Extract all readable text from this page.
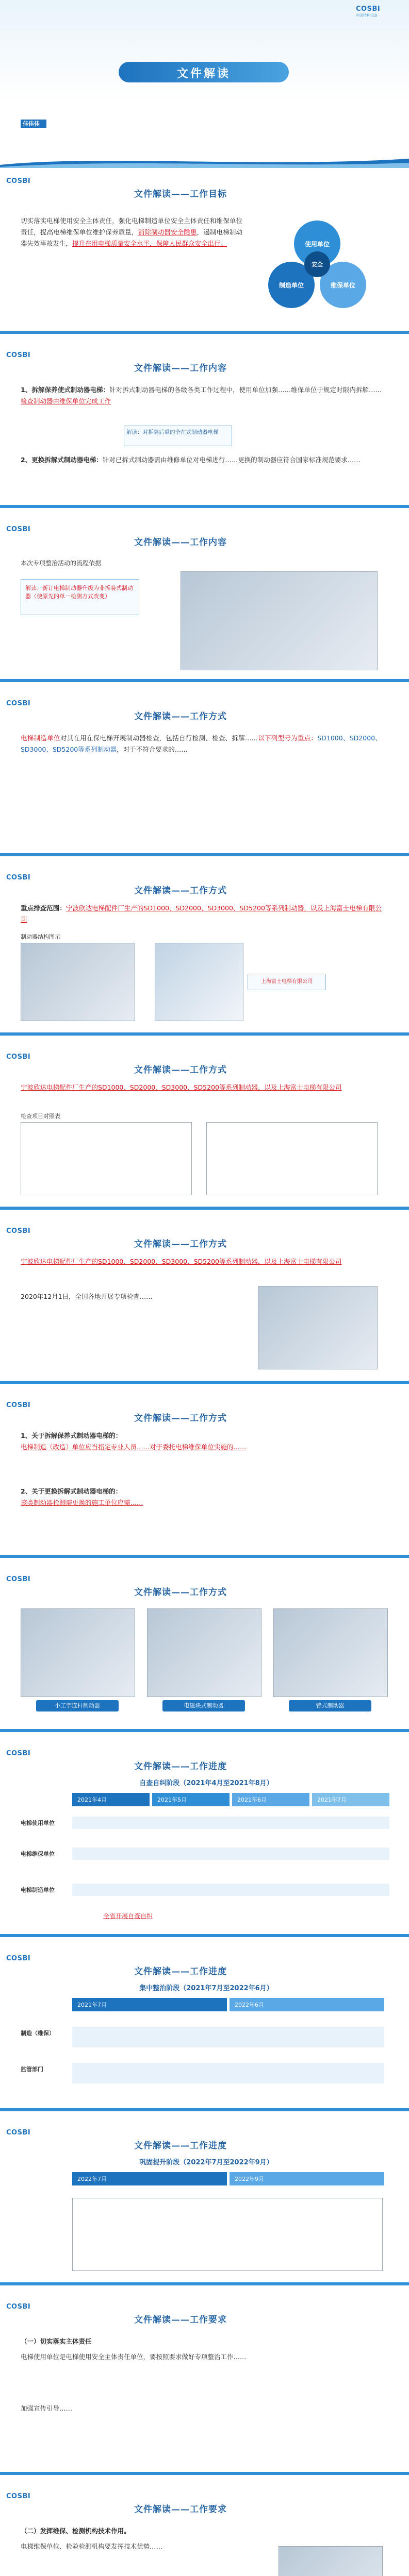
COSBI
中国特种设备
文件解读
佳佳佳
COSBI
文件解读——工作目标
切实落实电梯使用安全主体责任，强化电梯制造单位安全主体责任和维保单位责任，提高电梯维保单位维护保养质量，消除制动器安全隐患，遏制电梯制动器失效事故发生，提升在用电梯质量安全水平，保障人民群众安全出行。	使用单位
制造单位	维保单位
安全
COSBI
文件解读——工作内容
1、拆解保养使式制动器电梯：针对拆式制动器电梯的各级各类工作过程中，使用单位加强……维保单位于规定时限内拆解……检查制动器由维保单位完成工作
解读：对拆装后重的全在式制动器电梯
2、更换拆解式制动器电梯：针对已拆式制动器需由维修单位对电梯进行……更换的制动器应符合国家标准规范要求……
COSBI
文件解读——工作内容
本次专项整治活动的流程依据
解读：新订电梯制动器升级为非拆装式制动器（使原先的单一检测方式改变）
COSBI
文件解读——工作方式
电梯制造单位对其在用在保电梯开展制动器检查，包括自行检测、检查、拆解……以下列型号为重点：SD1000、SD2000、SD3000、SD5200等系列制动器，对于不符合要求的……
COSBI
文件解读——工作方式
重点排查范围：宁波欣达电梯配件厂生产的SD1000、SD2000、SD3000、SD5200等系列制动器，以及上海富士电梯有限公司
制动器结构图示
上海富士电梯有限公司
COSBI
文件解读——工作方式
宁波欣达电梯配件厂生产的SD1000、SD2000、SD3000、SD5200等系列制动器，以及上海富士电梯有限公司
检查项目对照表
COSBI
文件解读——工作方式
宁波欣达电梯配件厂生产的SD1000、SD2000、SD3000、SD5200等系列制动器，以及上海富士电梯有限公司
2020年12月1日，全国各地开展专项检查……
COSBI
文件解读——工作方式
1、关于拆解保养式制动器电梯的：
电梯制造（改造）单位应当指定专业人员……对于委托电梯维保单位实施的……
2、关于更换拆解式制动器电梯的：
该类制动器检测需更换的施工单位应需……
COSBI
文件解读——工作方式
小工字连杆制动器	电磁块式制动器	臂式制动器
COSBI
文件解读——工作进度
自查自纠阶段（2021年4月至2021年8月）
2021年4月	2021年5月	2021年6月	2021年7月
电梯使用单位
电梯维保单位
电梯制造单位
全省开展自查自纠
COSBI
文件解读——工作进度
集中整治阶段（2021年7月至2022年6月）
2021年7月	2022年6月
制造（维保）
监管部门
COSBI
文件解读——工作进度
巩固提升阶段（2022年7月至2022年9月）
2022年7月	2022年9月
COSBI
文件解读——工作要求
（一）切实落实主体责任
电梯使用单位是电梯使用安全主体责任单位，要按照要求做好专项整治工作……
加强宣传引导……
COSBI
文件解读——工作要求
（二）发挥维保、检测机构技术作用。
电梯维保单位、检验检测机构要发挥技术优势……
